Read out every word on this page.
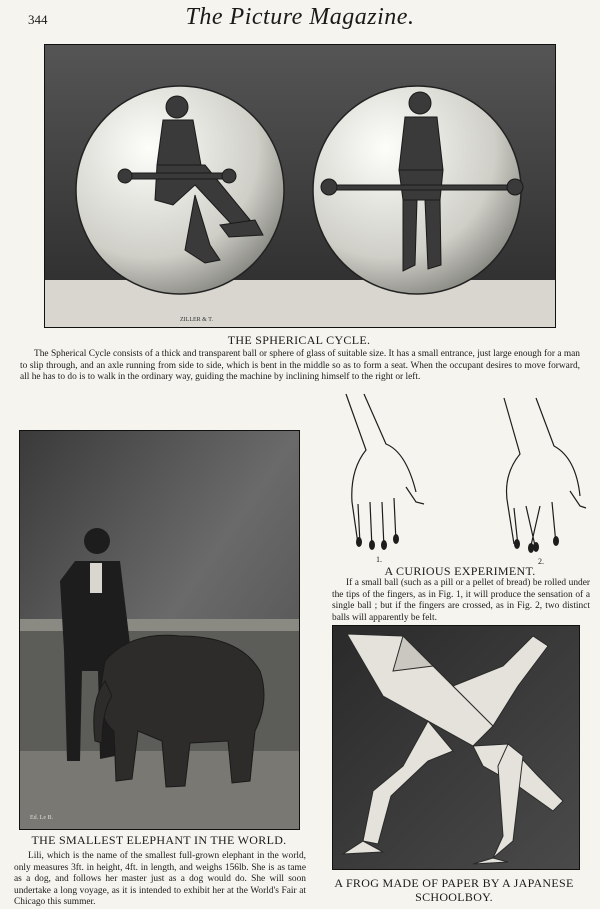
344	The Picture Magazine.
ZILLER & T.
THE SPHERICAL CYCLE.
The Spherical Cycle consists of a thick and transparent ball or sphere of glass of suitable size. It has a small entrance, just large enough for a man to slip through, and an axle running from side to side, which is bent in the middle so as to form a seat. When the occupant desires to move forward, all he has to do is to walk in the ordinary way, guiding the machine by inclining himself to the right or left.
Ed. Le B.
THE SMALLEST ELEPHANT IN THE WORLD.
Lili, which is the name of the smallest full-grown elephant in the world, only measures 3ft. in height, 4ft. in length, and weighs 156lb. She is as tame as a dog, and follows her master just as a dog would do. She will soon undertake a long voyage, as it is intended to exhibit her at the World's Fair at Chicago this summer.
1.	2.
A CURIOUS EXPERIMENT.
If a small ball (such as a pill or a pellet of bread) be rolled under the tips of the fingers, as in Fig. 1, it will produce the sensation of a single ball ; but if the fingers are crossed, as in Fig. 2, two distinct balls will apparently be felt.
A FROG MADE OF PAPER BY A JAPANESE SCHOOLBOY.
